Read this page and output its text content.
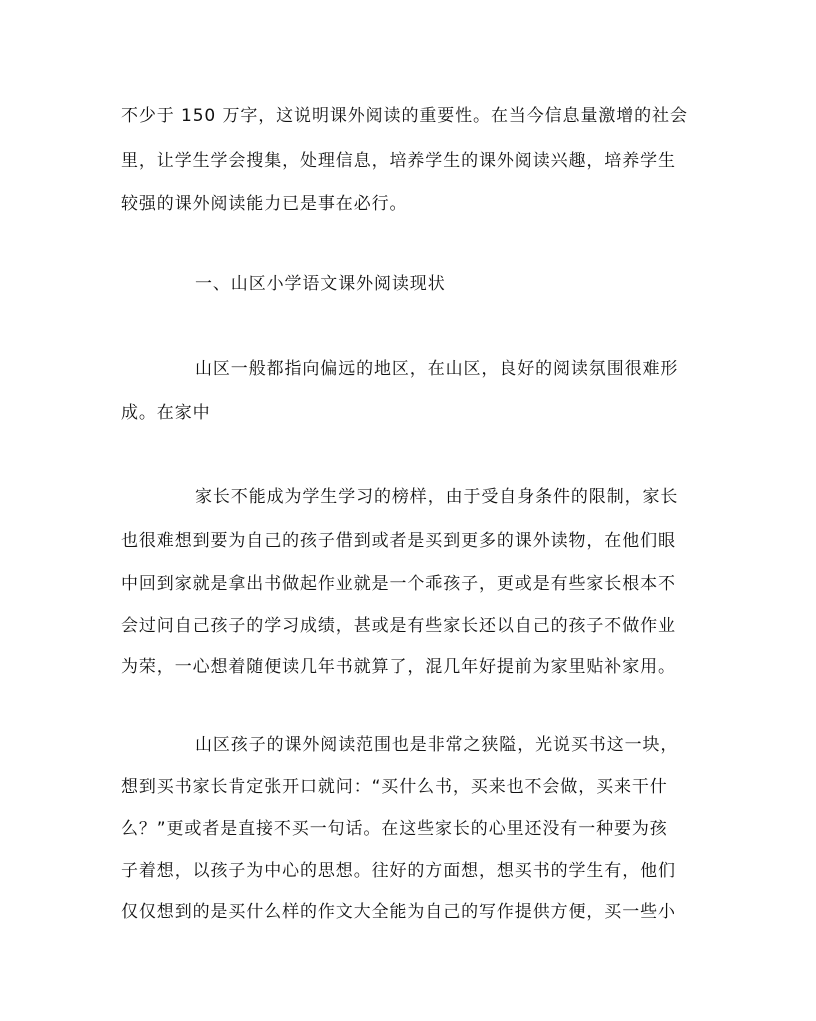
不少于 150 万字，这说明课外阅读的重要性。在当今信息量激增的社会
里，让学生学会搜集，处理信息，培养学生的课外阅读兴趣，培养学生
较强的课外阅读能力已是事在必行。
一、山区小学语文课外阅读现状
山区一般都指向偏远的地区，在山区，良好的阅读氛围很难形
成。在家中
家长不能成为学生学习的榜样，由于受自身条件的限制，家长
也很难想到要为自己的孩子借到或者是买到更多的课外读物，在他们眼
中回到家就是拿出书做起作业就是一个乖孩子，更或是有些家长根本不
会过问自己孩子的学习成绩，甚或是有些家长还以自己的孩子不做作业
为荣，一心想着随便读几年书就算了，混几年好提前为家里贴补家用。
山区孩子的课外阅读范围也是非常之狭隘，光说买书这一块，
想到买书家长肯定张开口就问：“买什么书，买来也不会做，买来干什
么？”更或者是直接不买一句话。在这些家长的心里还没有一种要为孩
子着想，以孩子为中心的思想。往好的方面想，想买书的学生有，他们
仅仅想到的是买什么样的作文大全能为自己的写作提供方便，买一些小
